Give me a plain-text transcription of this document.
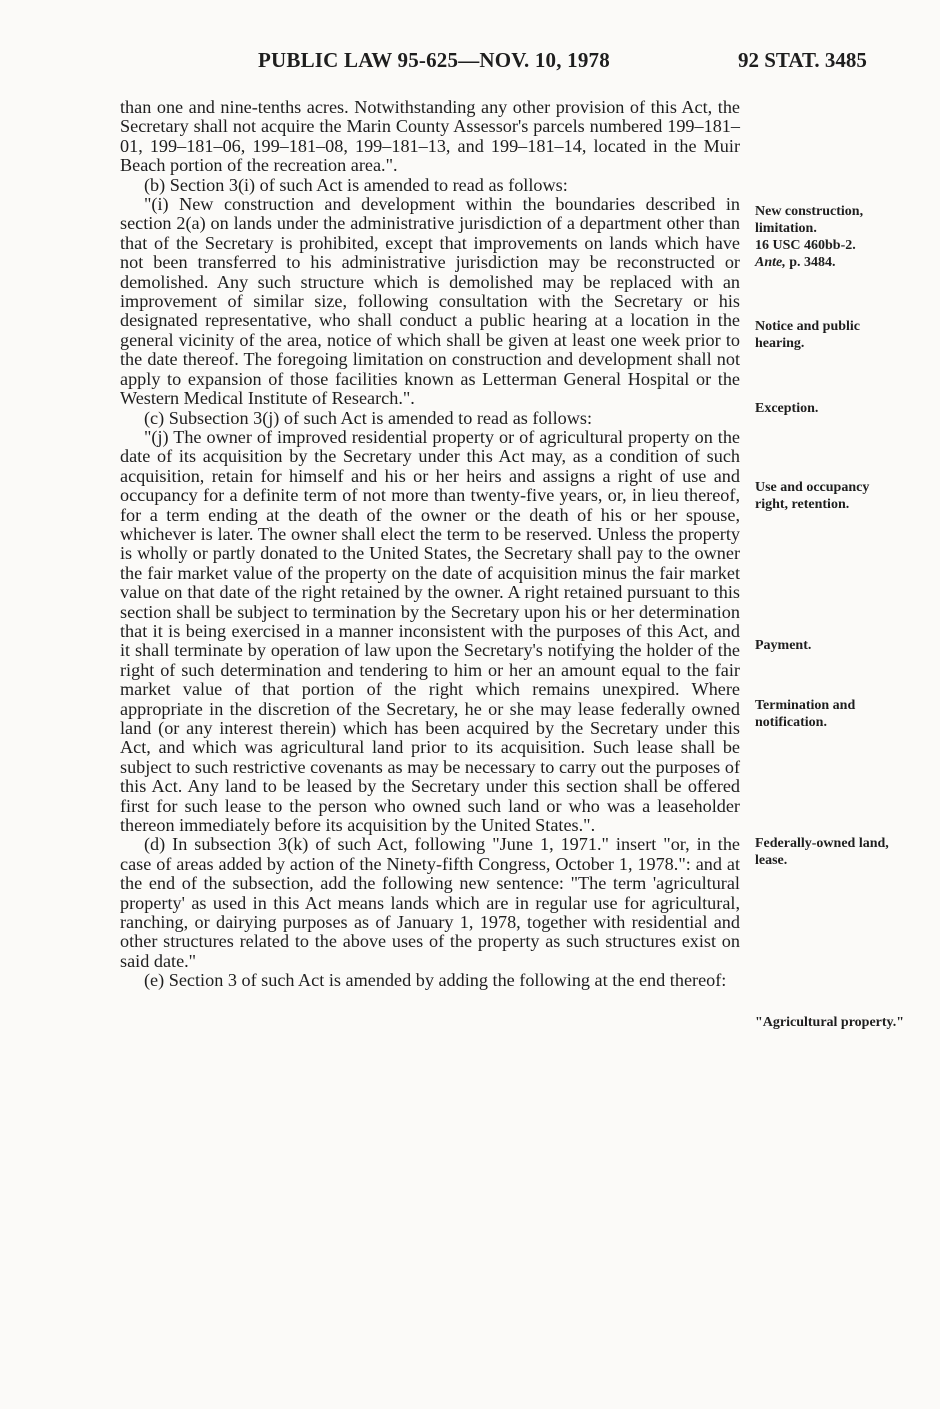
PUBLIC LAW 95-625—NOV. 10, 1978	92 STAT. 3485

than one and nine-tenths acres. Notwithstanding any other provision of this Act, the Secretary shall not acquire the Marin County Assessor's parcels numbered 199–181–01, 199–181–06, 199–181–08, 199–181–13, and 199–181–14, located in the Muir Beach portion of the recreation area.".

(b) Section 3(i) of such Act is amended to read as follows:

"(i) New construction and development within the boundaries described in section 2(a) on lands under the administrative jurisdiction of a department other than that of the Secretary is prohibited, except that improvements on lands which have not been transferred to his administrative jurisdiction may be reconstructed or demolished. Any such structure which is demolished may be replaced with an improvement of similar size, following consultation with the Secretary or his designated representative, who shall conduct a public hearing at a location in the general vicinity of the area, notice of which shall be given at least one week prior to the date thereof. The foregoing limitation on construction and development shall not apply to expansion of those facilities known as Letterman General Hospital or the Western Medical Institute of Research.".

(c) Subsection 3(j) of such Act is amended to read as follows:

"(j) The owner of improved residential property or of agricultural property on the date of its acquisition by the Secretary under this Act may, as a condition of such acquisition, retain for himself and his or her heirs and assigns a right of use and occupancy for a definite term of not more than twenty-five years, or, in lieu thereof, for a term ending at the death of the owner or the death of his or her spouse, whichever is later. The owner shall elect the term to be reserved. Unless the property is wholly or partly donated to the United States, the Secretary shall pay to the owner the fair market value of the property on the date of acquisition minus the fair market value on that date of the right retained by the owner. A right retained pursuant to this section shall be subject to termination by the Secretary upon his or her determination that it is being exercised in a manner inconsistent with the purposes of this Act, and it shall terminate by operation of law upon the Secretary's notifying the holder of the right of such determination and tendering to him or her an amount equal to the fair market value of that portion of the right which remains unexpired. Where appropriate in the discretion of the Secretary, he or she may lease federally owned land (or any interest therein) which has been acquired by the Secretary under this Act, and which was agricultural land prior to its acquisition. Such lease shall be subject to such restrictive covenants as may be necessary to carry out the purposes of this Act. Any land to be leased by the Secretary under this section shall be offered first for such lease to the person who owned such land or who was a leaseholder thereon immediately before its acquisition by the United States.".

(d) In subsection 3(k) of such Act, following "June 1, 1971." insert "or, in the case of areas added by action of the Ninety-fifth Congress, October 1, 1978.": and at the end of the subsection, add the following new sentence: "The term 'agricultural property' as used in this Act means lands which are in regular use for agricultural, ranching, or dairying purposes as of January 1, 1978, together with residential and other structures related to the above uses of the property as such structures exist on said date."

(e) Section 3 of such Act is amended by adding the following at the end thereof:

New construction, limitation.
16 USC 460bb-2.
Ante, p. 3484.
Notice and public hearing.
Exception.
Use and occupancy right, retention.
Payment.
Termination and notification.
Federally-owned land, lease.
"Agricultural property."
